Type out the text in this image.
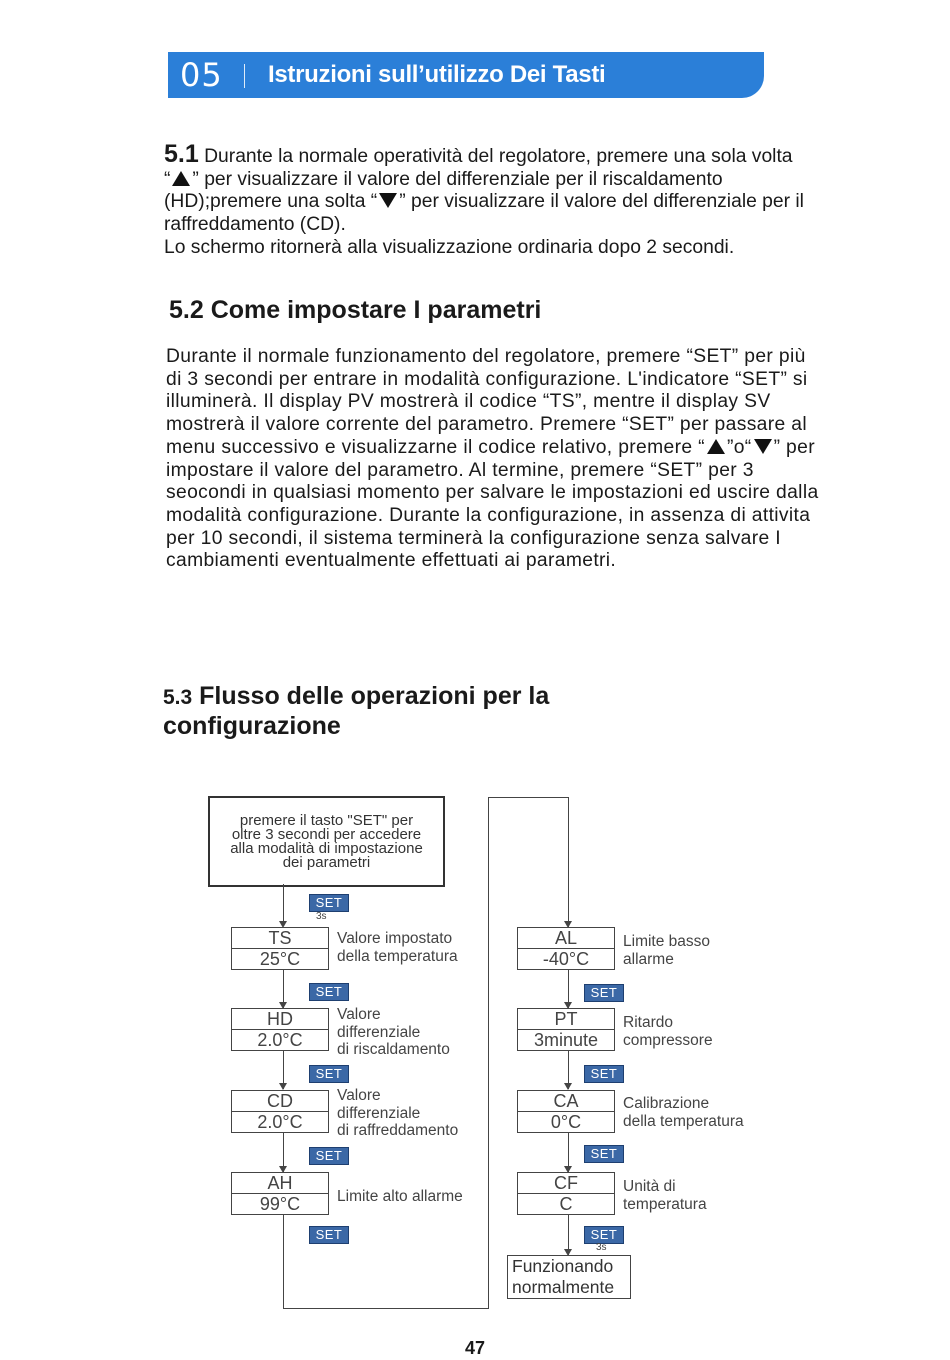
05 Istruzioni sull’utilizzo Dei Tasti
5.1 Durante la normale operatività del regolatore, premere una sola volta “ ” per visualizzare il valore del differenziale per il riscaldamento (HD);premere una solta “ ” per visualizzare il valore del differenziale per il raffreddamento (CD).
Lo schermo ritornerà alla visualizzazione ordinaria dopo 2 secondi.
5.2 Come impostare I parametri
Durante il normale funzionamento del regolatore, premere “SET” per più di 3 secondi per entrare in modalità configurazione. L'indicatore “SET” si illuminerà. Il display PV mostrerà il codice “TS”, mentre il display SV mostrerà il valore corrente del parametro. Premere “SET” per passare al menu successivo e visualizzarne il codice relativo, premere “ ”o“ ” per impostare il valore del parametro. Al termine, premere “SET” per 3 seocondi in qualsiasi momento per salvare le impostazioni ed uscire dalla modalità configurazione. Durante la configurazione, in assenza di attivita per 10 secondi, il sistema terminerà la configurazione senza salvare I cambiamenti eventualmente effettuati ai parametri.
5.3 Flusso delle operazioni per la configurazione
premere il tasto "SET" per
oltre 3 secondi per accedere
alla modalità di impostazione
dei parametri
SET
3s
TS
25°C
Valore impostato
della temperatura
SET
HD
2.0°C
Valore
differenziale
di riscaldamento
SET
CD
2.0°C
Valore
differenziale
di raffreddamento
SET
AH
99°C	Limite alto allarme
SET
AL
-40°C
Limite basso
allarme
SET
PT
3minute
Ritardo
compressore
SET
CA
0°C
Calibrazione
della temperatura
SET
CF
C
Unità di
temperatura
SET
3s
Funzionando
normalmente
47
